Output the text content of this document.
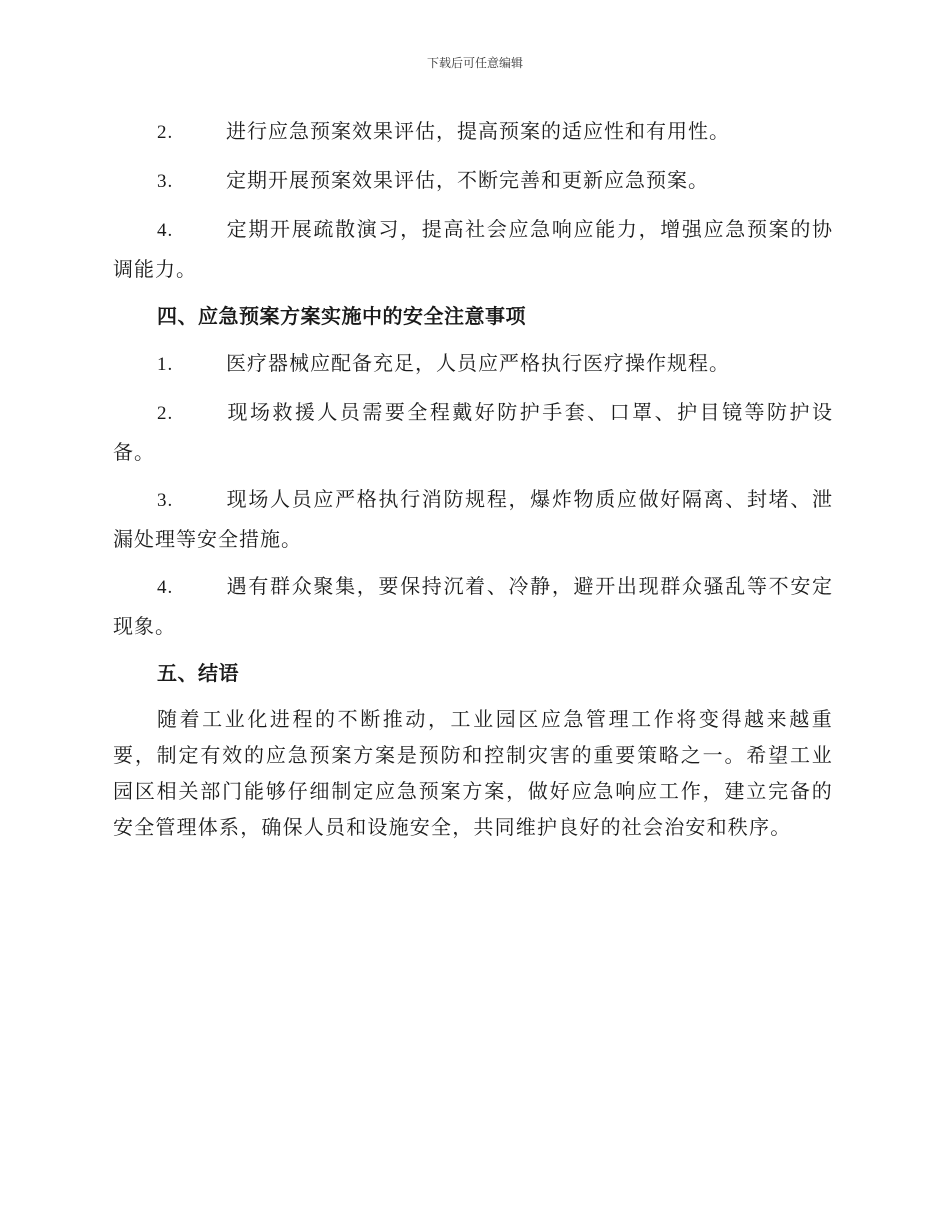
下载后可任意编辑
2.	进行应急预案效果评估，提高预案的适应性和有用性。
3.	定期开展预案效果评估，不断完善和更新应急预案。
4.	定期开展疏散演习，提高社会应急响应能力，增强应急预案的协调能力。
四、应急预案方案实施中的安全注意事项
1.	医疗器械应配备充足，人员应严格执行医疗操作规程。
2.	现场救援人员需要全程戴好防护手套、口罩、护目镜等防护设备。
3.	现场人员应严格执行消防规程，爆炸物质应做好隔离、封堵、泄漏处理等安全措施。
4.	遇有群众聚集，要保持沉着、冷静，避开出现群众骚乱等不安定现象。
五、结语
随着工业化进程的不断推动，工业园区应急管理工作将变得越来越重要，制定有效的应急预案方案是预防和控制灾害的重要策略之一。希望工业园区相关部门能够仔细制定应急预案方案，做好应急响应工作，建立完备的安全管理体系，确保人员和设施安全，共同维护良好的社会治安和秩序。
